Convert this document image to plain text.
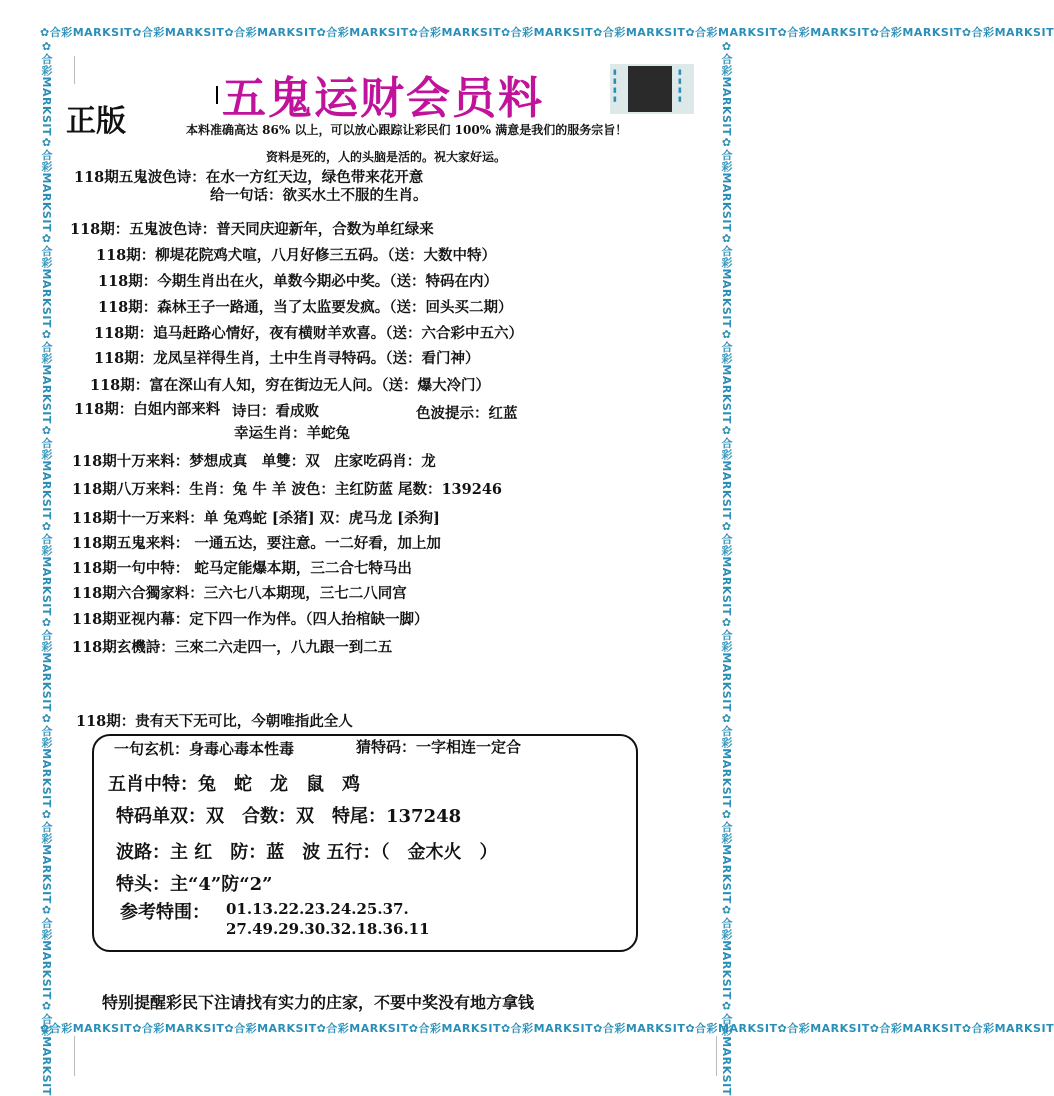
✿合彩MARKSIT✿合彩MARKSIT✿合彩MARKSIT✿合彩MARKSIT✿合彩MARKSIT✿合彩MARKSIT✿合彩MARKSIT✿合彩MARKSIT✿合彩MARKSIT✿合彩MARKSIT✿合彩MARKSIT
✿合彩MARKSIT✿合彩MARKSIT✿合彩MARKSIT✿合彩MARKSIT✿合彩MARKSIT✿合彩MARKSIT✿合彩MARKSIT✿合彩MARKSIT✿合彩MARKSIT✿合彩MARKSIT✿合彩MARKSIT
✿合彩MARKSIT✿合彩MARKSIT✿合彩MARKSIT✿合彩MARKSIT✿合彩MARKSIT✿合彩MARKSIT✿合彩MARKSIT✿合彩MARKSIT✿合彩MARKSIT✿合彩MARKSIT✿合彩MARKSIT	✿合彩MARKSIT✿合彩MARKSIT✿合彩MARKSIT✿合彩MARKSIT✿合彩MARKSIT✿合彩MARKSIT✿合彩MARKSIT✿合彩MARKSIT✿合彩MARKSIT✿合彩MARKSIT✿合彩MARKSIT
五鬼运财会员料
正版
▮
▮
▮
▮
▮
▮
▮
▮
本料准确高达 86% 以上，可以放心跟踪让彩民们 100% 满意是我们的服务宗旨！
资料是死的，人的头脑是活的。祝大家好运。
118期五鬼波色诗：在水一方红天边，绿色带来花开意
给一句话：欲买水土不服的生肖。
118期：五鬼波色诗：普天同庆迎新年，合数为单红绿来
118期：柳堤花院鸡犬喧，八月好修三五码。（送：大数中特）
118期：今期生肖出在火，单数今期必中奖。（送：特码在内）
118期：森林王子一路通，当了太监要发疯。（送：回头买二期）
118期：追马赶路心情好，夜有横财羊欢喜。（送：六合彩中五六）
118期：龙凤呈祥得生肖，土中生肖寻特码。（送：看门神）
118期：富在深山有人知，穷在街边无人问。（送：爆大冷门）
118期：白姐内部来料 诗曰：看成败	色波提示：红蓝
幸运生肖：羊蛇兔
118期十万来料：梦想成真　单雙：双　庄家吃码肖：龙
118期八万来料：生肖：兔 牛 羊 波色：主红防蓝 尾数：139246
118期十一万来料：单 兔鸡蛇 [杀猪] 双：虎马龙 [杀狗]
118期五鬼来料： 一通五达，要注意。一二好看，加上加
118期一句中特： 蛇马定能爆本期，三二合七特马出
118期六合獨家料：三六七八本期现，三七二八同宫
118期亚视内幕：定下四一作为伴。（四人抬棺缺一脚）
118期玄機詩：三來二六走四一，八九跟一到二五
118期：贵有天下无可比，今朝唯指此全人
一句玄机：身毒心毒本性毒	猜特码：一字相连一定合
五肖中特：兔　蛇　龙　鼠　鸡
特码单双：双　合数：双　特尾：137248
波路：主 红　防：蓝　波 五行：（　金木火　）
特头：主“4”防“2”
参考特围： 01.13.22.23.24.25.37.
27.49.29.30.32.18.36.11
特别提醒彩民下注请找有实力的庄家，不要中奖没有地方拿钱
